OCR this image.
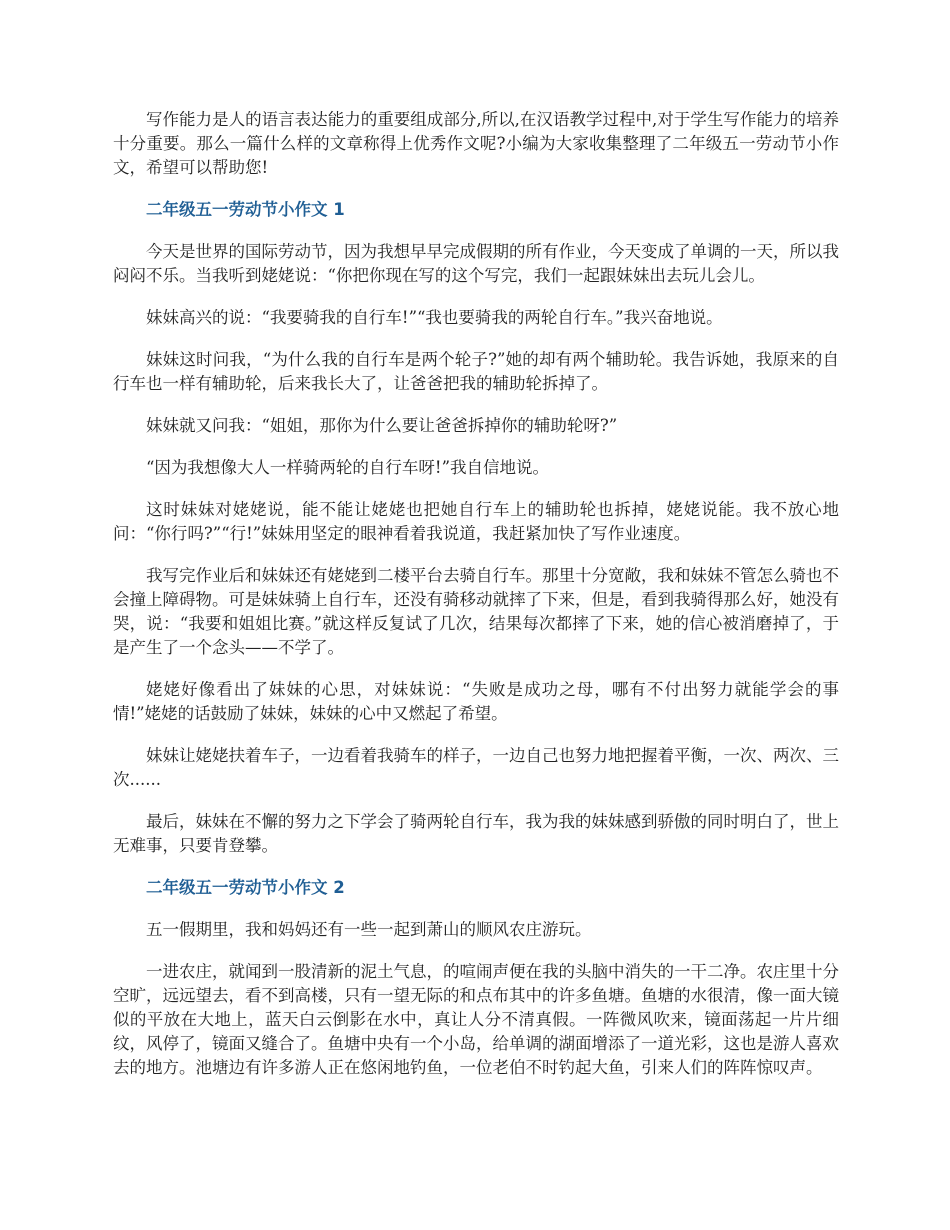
写作能力是人的语言表达能力的重要组成部分,所以,在汉语教学过程中,对于学生写作能力的培养十分重要。那么一篇什么样的文章称得上优秀作文呢?小编为大家收集整理了二年级五一劳动节小作文，希望可以帮助您!

二年级五一劳动节小作文 1

今天是世界的国际劳动节，因为我想早早完成假期的所有作业，今天变成了单调的一天，所以我闷闷不乐。当我听到姥姥说：“你把你现在写的这个写完，我们一起跟妹妹出去玩儿会儿。

妹妹高兴的说：“我要骑我的自行车!”“我也要骑我的两轮自行车。”我兴奋地说。

妹妹这时问我，“为什么我的自行车是两个轮子?”她的却有两个辅助轮。我告诉她，我原来的自行车也一样有辅助轮，后来我长大了，让爸爸把我的辅助轮拆掉了。

妹妹就又问我：“姐姐，那你为什么要让爸爸拆掉你的辅助轮呀?”

“因为我想像大人一样骑两轮的自行车呀!”我自信地说。

这时妹妹对姥姥说，能不能让姥姥也把她自行车上的辅助轮也拆掉，姥姥说能。我不放心地问：“你行吗?”“行!”妹妹用坚定的眼神看着我说道，我赶紧加快了写作业速度。

我写完作业后和妹妹还有姥姥到二楼平台去骑自行车。那里十分宽敞，我和妹妹不管怎么骑也不会撞上障碍物。可是妹妹骑上自行车，还没有骑移动就摔了下来，但是，看到我骑得那么好，她没有哭，说：“我要和姐姐比赛。”就这样反复试了几次，结果每次都摔了下来，她的信心被消磨掉了，于是产生了一个念头——不学了。

姥姥好像看出了妹妹的心思，对妹妹说：“失败是成功之母，哪有不付出努力就能学会的事情!”姥姥的话鼓励了妹妹，妹妹的心中又燃起了希望。

妹妹让姥姥扶着车子，一边看着我骑车的样子，一边自己也努力地把握着平衡，一次、两次、三次......

最后，妹妹在不懈的努力之下学会了骑两轮自行车，我为我的妹妹感到骄傲的同时明白了，世上无难事，只要肯登攀。

二年级五一劳动节小作文 2

五一假期里，我和妈妈还有一些一起到萧山的顺风农庄游玩。

一进农庄，就闻到一股清新的泥土气息，的喧闹声便在我的头脑中消失的一干二净。农庄里十分空旷，远远望去，看不到高楼，只有一望无际的和点布其中的许多鱼塘。鱼塘的水很清，像一面大镜似的平放在大地上，蓝天白云倒影在水中，真让人分不清真假。一阵微风吹来，镜面荡起一片片细纹，风停了，镜面又缝合了。鱼塘中央有一个小岛，给单调的湖面增添了一道光彩，这也是游人喜欢去的地方。池塘边有许多游人正在悠闲地钓鱼，一位老伯不时钓起大鱼，引来人们的阵阵惊叹声。
